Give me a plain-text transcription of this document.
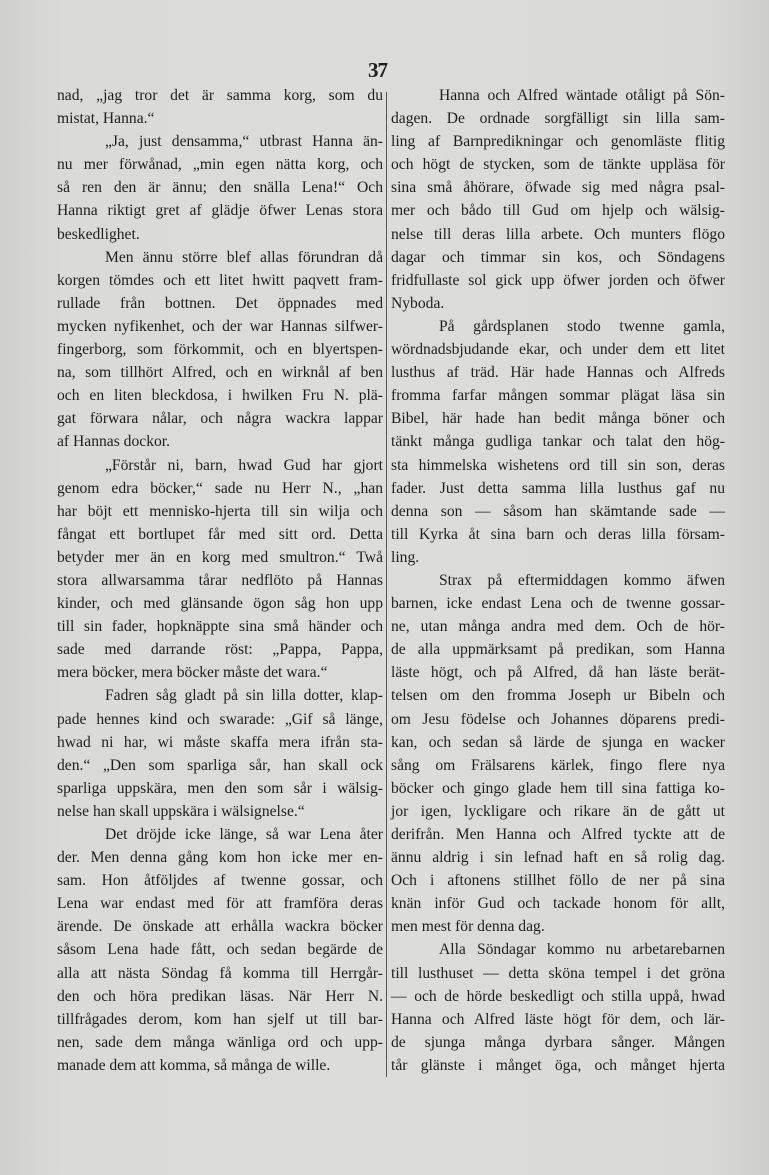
37
nad, „jag tror det är samma korg, som du
mistat, Hanna.“
„Ja, just densamma,“ utbrast Hanna än-
nu mer förwånad, „min egen nätta korg, och
så ren den är ännu; den snälla Lena!“ Och
Hanna riktigt gret af glädje öfwer Lenas stora
beskedlighet.
Men ännu större blef allas förundran då
korgen tömdes och ett litet hwitt paqvett fram-
rullade från bottnen. Det öppnades med
mycken nyfikenhet, och der war Hannas silfwer-
fingerborg, som förkommit, och en blyertspen-
na, som tillhört Alfred, och en wirknål af ben
och en liten bleckdosa, i hwilken Fru N. plä-
gat förwara nålar, och några wackra lappar
af Hannas dockor.
„Förstår ni, barn, hwad Gud har gjort
genom edra böcker,“ sade nu Herr N., „han
har böjt ett mennisko-hjerta till sin wilja och
fångat ett bortlupet får med sitt ord. Detta
betyder mer än en korg med smultron.“ Twå
stora allwarsamma tårar nedflöto på Hannas
kinder, och med glänsande ögon såg hon upp
till sin fader, hopknäppte sina små händer och
sade med darrande röst: „Pappa, Pappa,
mera böcker, mera böcker måste det wara.“
Fadren såg gladt på sin lilla dotter, klap-
pade hennes kind och swarade: „Gif så länge,
hwad ni har, wi måste skaffa mera ifrån sta-
den.“ „Den som sparliga sår, han skall ock
sparliga uppskära, men den som sår i wälsig-
nelse han skall uppskära i wälsignelse.“
Det dröjde icke länge, så war Lena åter
der. Men denna gång kom hon icke mer en-
sam. Hon åtföljdes af twenne gossar, och
Lena war endast med för att framföra deras
ärende. De önskade att erhålla wackra böcker
såsom Lena hade fått, och sedan begärde de
alla att nästa Söndag få komma till Herrgår-
den och höra predikan läsas. När Herr N.
tillfrågades derom, kom han sjelf ut till bar-
nen, sade dem många wänliga ord och upp-
manade dem att komma, så många de wille.
Hanna och Alfred wäntade otåligt på Sön-
dagen. De ordnade sorgfälligt sin lilla sam-
ling af Barnpredikningar och genomläste flitig
och högt de stycken, som de tänkte uppläsa för
sina små åhörare, öfwade sig med några psal-
mer och bådo till Gud om hjelp och wälsig-
nelse till deras lilla arbete. Och munters flögo
dagar och timmar sin kos, och Söndagens
fridfullaste sol gick upp öfwer jorden och öfwer
Nyboda.
På gårdsplanen stodo twenne gamla,
wördnadsbjudande ekar, och under dem ett litet
lusthus af träd. Här hade Hannas och Alfreds
fromma farfar mången sommar plägat läsa sin
Bibel, här hade han bedit många böner och
tänkt många gudliga tankar och talat den hög-
sta himmelska wishetens ord till sin son, deras
fader. Just detta samma lilla lusthus gaf nu
denna son — såsom han skämtande sade —
till Kyrka åt sina barn och deras lilla försam-
ling.
Strax på eftermiddagen kommo äfwen
barnen, icke endast Lena och de twenne gossar-
ne, utan många andra med dem. Och de hör-
de alla uppmärksamt på predikan, som Hanna
läste högt, och på Alfred, då han läste berät-
telsen om den fromma Joseph ur Bibeln och
om Jesu födelse och Johannes döparens predi-
kan, och sedan så lärde de sjunga en wacker
sång om Frälsarens kärlek, fingo flere nya
böcker och gingo glade hem till sina fattiga ko-
jor igen, lyckligare och rikare än de gått ut
derifrån. Men Hanna och Alfred tyckte att de
ännu aldrig i sin lefnad haft en så rolig dag.
Och i aftonens stillhet föllo de ner på sina
knän inför Gud och tackade honom för allt,
men mest för denna dag.
Alla Söndagar kommo nu arbetarebarnen
till lusthuset — detta sköna tempel i det gröna
— och de hörde beskedligt och stilla uppå, hwad
Hanna och Alfred läste högt för dem, och lär-
de sjunga många dyrbara sånger. Mången
tår glänste i månget öga, och månget hjerta
